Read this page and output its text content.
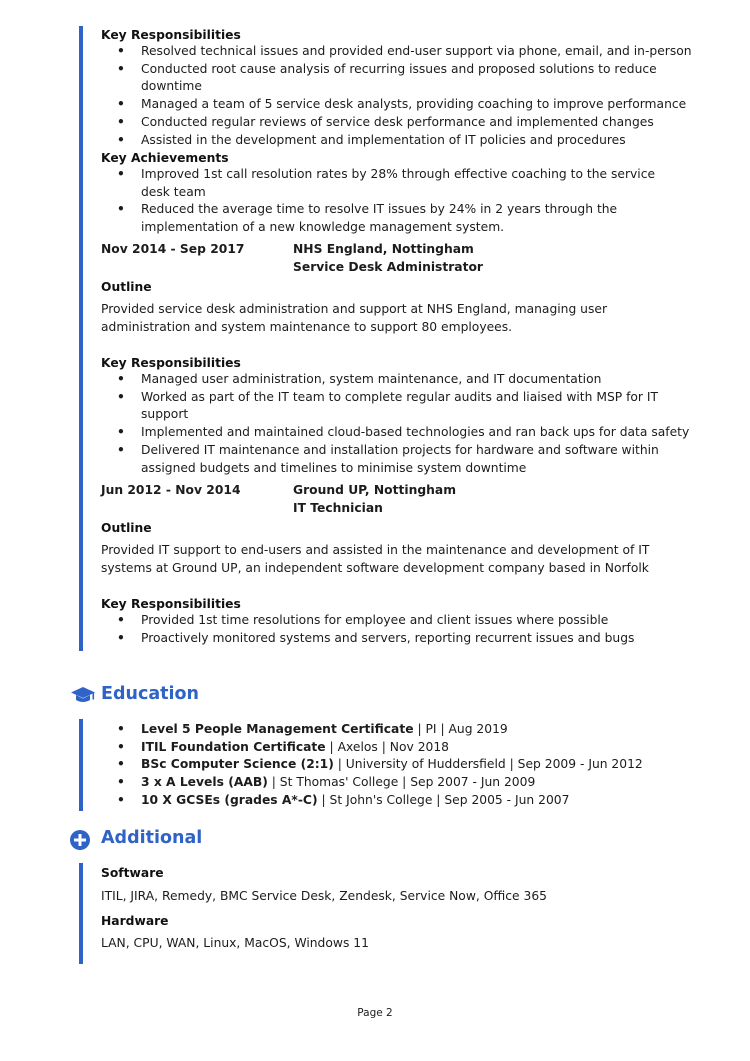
Key Responsibilities
• Resolved technical issues and provided end-user support via phone, email, and in-person
• Conducted root cause analysis of recurring issues and proposed solutions to reduce downtime
• Managed a team of 5 service desk analysts, providing coaching to improve performance
• Conducted regular reviews of service desk performance and implemented changes
• Assisted in the development and implementation of IT policies and procedures
Key Achievements
• Improved 1st call resolution rates by 28% through effective coaching to the service desk team
• Reduced the average time to resolve IT issues by 24% in 2 years through the implementation of a new knowledge management system.
Nov 2014 - Sep 2017	NHS England, Nottingham
Service Desk Administrator
Outline
Provided service desk administration and support at NHS England, managing user administration and system maintenance to support 80 employees.
Key Responsibilities
• Managed user administration, system maintenance, and IT documentation
• Worked as part of the IT team to complete regular audits and liaised with MSP for IT support
• Implemented and maintained cloud-based technologies and ran back ups for data safety
• Delivered IT maintenance and installation projects for hardware and software within assigned budgets and timelines to minimise system downtime
Jun 2012 - Nov 2014	Ground UP, Nottingham
IT Technician
Outline
Provided IT support to end-users and assisted in the maintenance and development of IT systems at Ground UP, an independent software development company based in Norfolk
Key Responsibilities
• Provided 1st time resolutions for employee and client issues where possible
• Proactively monitored systems and servers, reporting recurrent issues and bugs
Education
• Level 5 People Management Certificate | PI | Aug 2019
• ITIL Foundation Certificate | Axelos | Nov 2018
• BSc Computer Science (2:1) | University of Huddersfield | Sep 2009 - Jun 2012
• 3 x A Levels (AAB) | St Thomas' College | Sep 2007 - Jun 2009
• 10 X GCSEs (grades A*-C) | St John's College | Sep 2005 - Jun 2007
Additional
Software
ITIL, JIRA, Remedy, BMC Service Desk, Zendesk, Service Now, Office 365
Hardware
LAN, CPU, WAN, Linux, MacOS, Windows 11
Page 2
